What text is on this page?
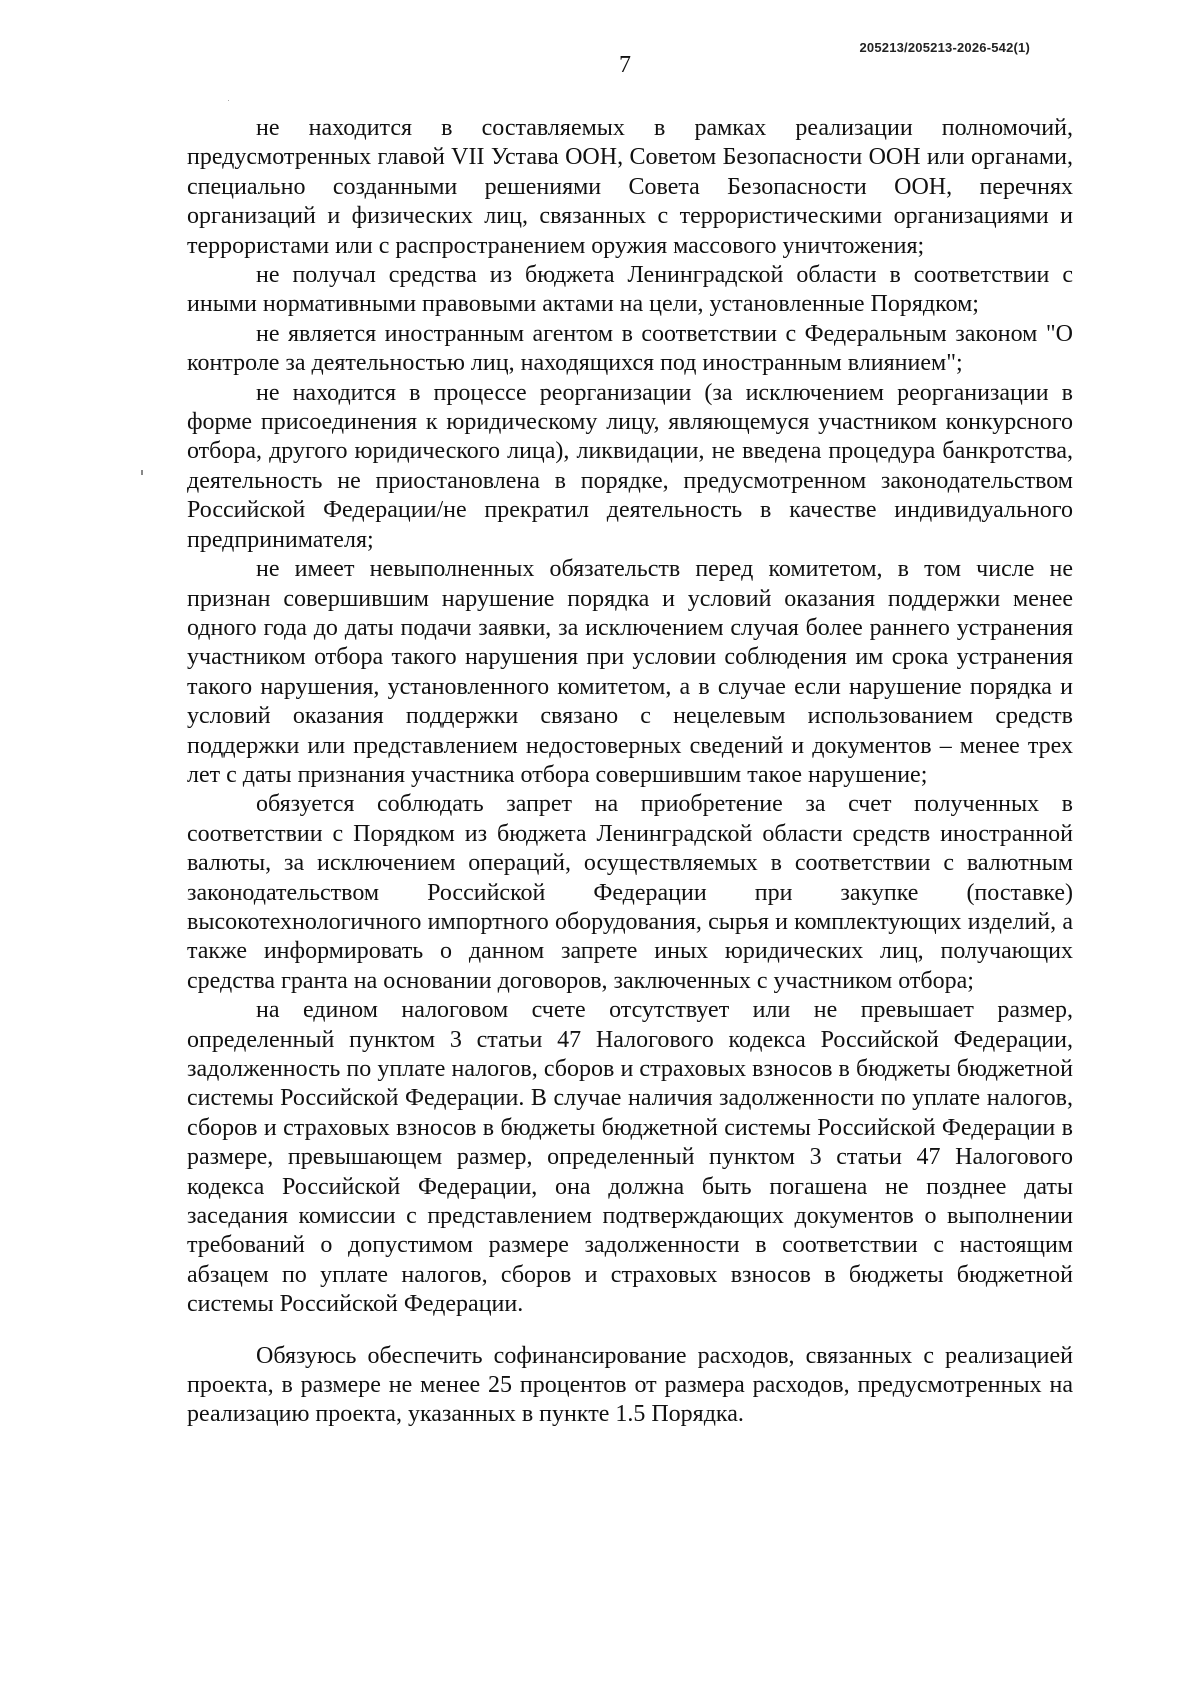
205213/205213-2026-542(1)
7

не находится в составляемых в рамках реализации полномочий, предусмотренных главой VII Устава ООН, Советом Безопасности ООН или органами, специально созданными решениями Совета Безопасности ООН, перечнях организаций и физических лиц, связанных с террористическими организациями и террористами или с распространением оружия массового уничтожения;

не получал средства из бюджета Ленинградской области в соответствии с иными нормативными правовыми актами на цели, установленные Порядком;

не является иностранным агентом в соответствии с Федеральным законом "О контроле за деятельностью лиц, находящихся под иностранным влиянием";

не находится в процессе реорганизации (за исключением реорганизации в форме присоединения к юридическому лицу, являющемуся участником конкурсного отбора, другого юридического лица), ликвидации, не введена процедура банкротства, деятельность не приостановлена в порядке, предусмотренном законодательством Российской Федерации/не прекратил деятельность в качестве индивидуального предпринимателя;

не имеет невыполненных обязательств перед комитетом, в том числе не признан совершившим нарушение порядка и условий оказания поддержки менее одного года до даты подачи заявки, за исключением случая более раннего устранения участником отбора такого нарушения при условии соблюдения им срока устранения такого нарушения, установленного комитетом, а в случае если нарушение порядка и условий оказания поддержки связано с нецелевым использованием средств поддержки или представлением недостоверных сведений и документов – менее трех лет с даты признания участника отбора совершившим такое нарушение;

обязуется соблюдать запрет на приобретение за счет полученных в соответствии с Порядком из бюджета Ленинградской области средств иностранной валюты, за исключением операций, осуществляемых в соответствии с валютным законодательством Российской Федерации при закупке (поставке) высокотехнологичного импортного оборудования, сырья и комплектующих изделий, а также информировать о данном запрете иных юридических лиц, получающих средства гранта на основании договоров, заключенных с участником отбора;

на едином налоговом счете отсутствует или не превышает размер, определенный пунктом 3 статьи 47 Налогового кодекса Российской Федерации, задолженность по уплате налогов, сборов и страховых взносов в бюджеты бюджетной системы Российской Федерации. В случае наличия задолженности по уплате налогов, сборов и страховых взносов в бюджеты бюджетной системы Российской Федерации в размере, превышающем размер, определенный пунктом 3 статьи 47 Налогового кодекса Российской Федерации, она должна быть погашена не позднее даты заседания комиссии с представлением подтверждающих документов о выполнении требований о допустимом размере задолженности в соответствии с настоящим абзацем по уплате налогов, сборов и страховых взносов в бюджеты бюджетной системы Российской Федерации.

Обязуюсь обеспечить софинансирование расходов, связанных с реализацией проекта, в размере не менее 25 процентов от размера расходов, предусмотренных на реализацию проекта, указанных в пункте 1.5 Порядка.
